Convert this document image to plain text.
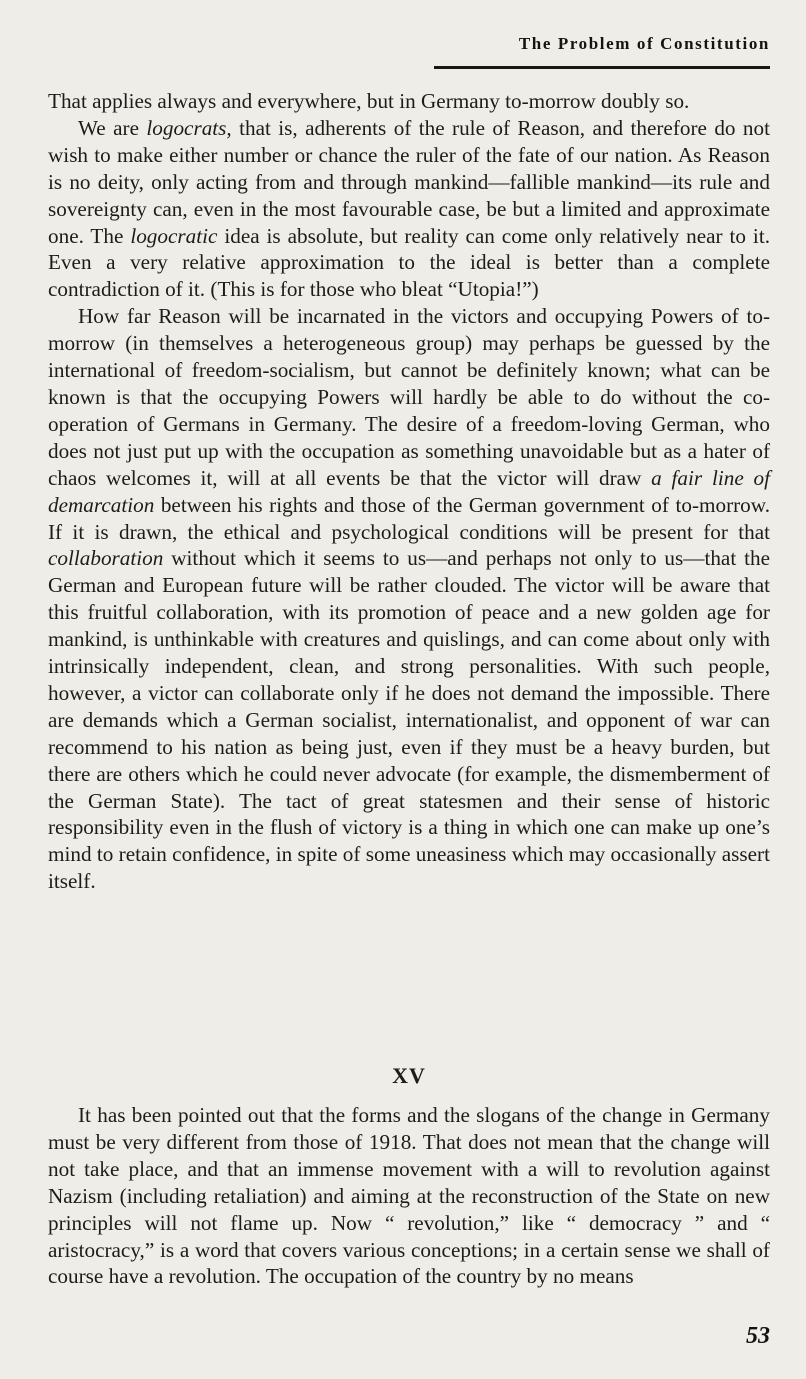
The Problem of Constitution

That applies always and everywhere, but in Germany to-morrow doubly so.

We are logocrats, that is, adherents of the rule of Reason, and therefore do not wish to make either number or chance the ruler of the fate of our nation. As Reason is no deity, only acting from and through mankind—fallible mankind—its rule and sovereignty can, even in the most favourable case, be but a limited and approximate one. The logocratic idea is absolute, but reality can come only relatively near to it. Even a very relative approximation to the ideal is better than a complete contradiction of it. (This is for those who bleat “Utopia!”)

How far Reason will be incarnated in the victors and occupying Powers of to-morrow (in themselves a heterogeneous group) may perhaps be guessed by the international of freedom-socialism, but cannot be definitely known; what can be known is that the occupying Powers will hardly be able to do without the co-operation of Germans in Germany. The desire of a freedom-loving German, who does not just put up with the occupation as something unavoidable but as a hater of chaos welcomes it, will at all events be that the victor will draw a fair line of demarcation between his rights and those of the German government of to-morrow. If it is drawn, the ethical and psychological conditions will be present for that collaboration without which it seems to us—and perhaps not only to us—that the German and European future will be rather clouded. The victor will be aware that this fruitful collaboration, with its promotion of peace and a new golden age for mankind, is unthinkable with creatures and quislings, and can come about only with intrinsically independent, clean, and strong personalities. With such people, however, a victor can collaborate only if he does not demand the impossible. There are demands which a German socialist, internationalist, and opponent of war can recommend to his nation as being just, even if they must be a heavy burden, but there are others which he could never advocate (for example, the dismemberment of the German State). The tact of great statesmen and their sense of historic responsibility even in the flush of victory is a thing in which one can make up one’s mind to retain confidence, in spite of some uneasiness which may occasionally assert itself.

XV

It has been pointed out that the forms and the slogans of the change in Germany must be very different from those of 1918. That does not mean that the change will not take place, and that an immense movement with a will to revolution against Nazism (including retaliation) and aiming at the reconstruction of the State on new principles will not flame up. Now “ revolution,” like “ democracy ” and “ aristocracy,” is a word that covers various conceptions; in a certain sense we shall of course have a revolution. The occupation of the country by no means

53
